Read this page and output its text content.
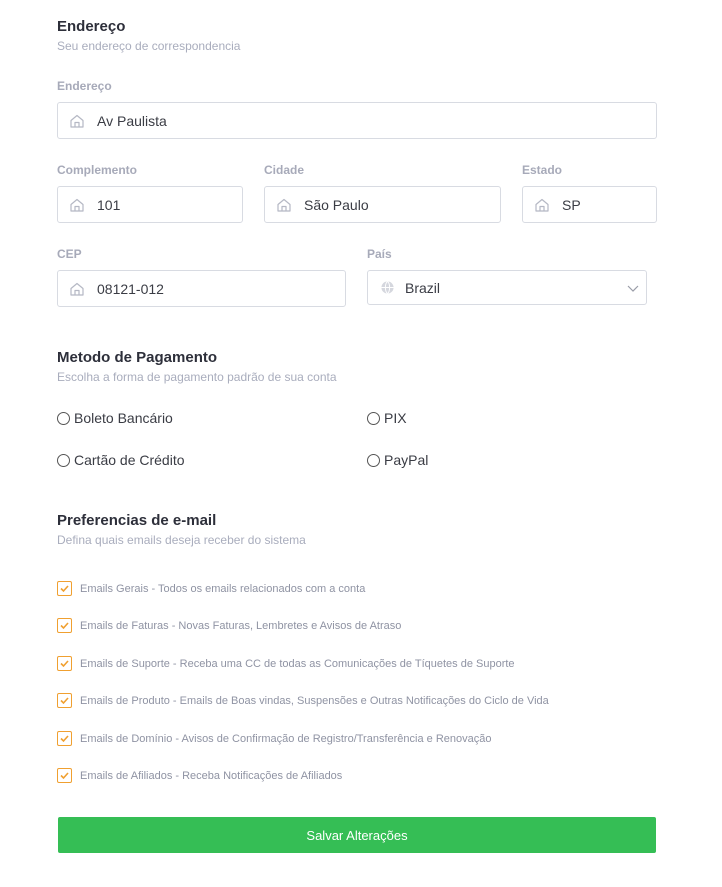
Endereço
Seu endereço de correspondencia
Endereço
Av Paulista
Complemento
101
Cidade
São Paulo
Estado
SP
CEP
08121-012
País
Brazil
Metodo de Pagamento
Escolha a forma de pagamento padrão de sua conta
Boleto Bancário	PIX
Cartão de Crédito	PayPal
Preferencias de e-mail
Defina quais emails deseja receber do sistema
Emails Gerais - Todos os emails relacionados com a conta
Emails de Faturas - Novas Faturas, Lembretes e Avisos de Atraso
Emails de Suporte - Receba uma CC de todas as Comunicações de Tíquetes de Suporte
Emails de Produto - Emails de Boas vindas, Suspensões e Outras Notificações do Ciclo de Vida
Emails de Domínio - Avisos de Confirmação de Registro/Transferência e Renovação
Emails de Afiliados - Receba Notificações de Afiliados
Salvar Alterações
